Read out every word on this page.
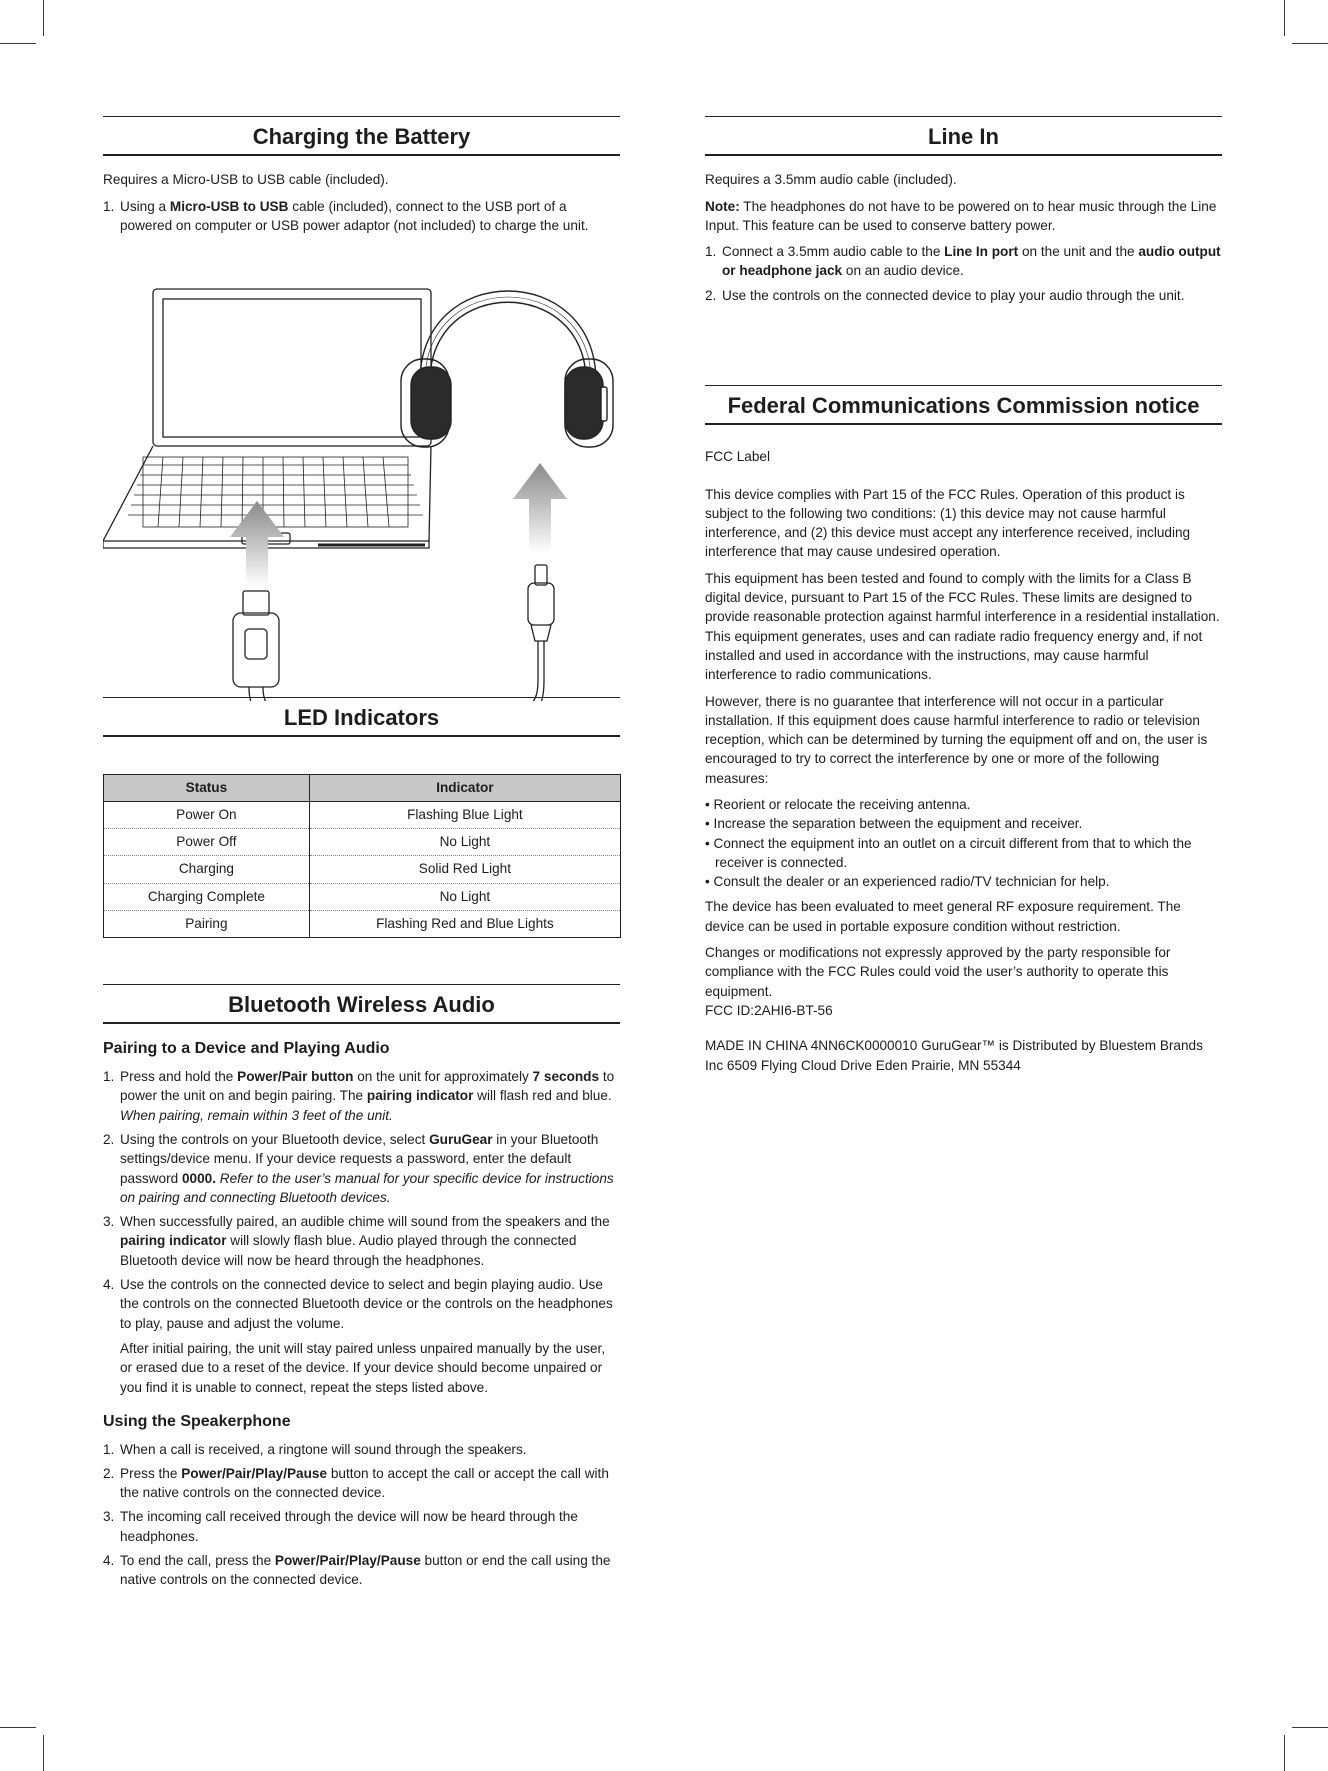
Charging the Battery

Requires a Micro-USB to USB cable (included).

1. Using a Micro-USB to USB cable (included), connect to the USB port of a powered on computer or USB power adaptor (not included) to charge the unit.
LED Indicators
Status	Indicator
Power On	Flashing Blue Light
Power Off	No Light
Charging	Solid Red Light
Charging Complete	No Light
Pairing	Flashing Red and Blue Lights
Bluetooth Wireless Audio
Pairing to a Device and Playing Audio
1. Press and hold the Power/Pair button on the unit for approximately 7 seconds to power the unit on and begin pairing. The pairing indicator will flash red and blue. When pairing, remain within 3 feet of the unit.
2. Using the controls on your Bluetooth device, select GuruGear in your Bluetooth settings/device menu. If your device requests a password, enter the default password 0000. Refer to the user’s manual for your specific device for instructions on pairing and connecting Bluetooth devices.
3. When successfully paired, an audible chime will sound from the speakers and the pairing indicator will slowly flash blue. Audio played through the connected Bluetooth device will now be heard through the headphones.
4. Use the controls on the connected device to select and begin playing audio. Use the controls on the connected Bluetooth device or the controls on the headphones to play, pause and adjust the volume.

After initial pairing, the unit will stay paired unless unpaired manually by the user, or erased due to a reset of the device. If your device should become unpaired or you find it is unable to connect, repeat the steps listed above.

Using the Speakerphone
1. When a call is received, a ringtone will sound through the speakers.
2. Press the Power/Pair/Play/Pause button to accept the call or accept the call with the native controls on the connected device.
3. The incoming call received through the device will now be heard through the headphones.
4. To end the call, press the Power/Pair/Play/Pause button or end the call using the native controls on the connected device.
Line In

Requires a 3.5mm audio cable (included).

Note: The headphones do not have to be powered on to hear music through the Line Input. This feature can be used to conserve battery power.

1. Connect a 3.5mm audio cable to the Line In port on the unit and the audio output or headphone jack on an audio device.
2. Use the controls on the connected device to play your audio through the unit.
Federal Communications Commission notice

FCC Label

This device complies with Part 15 of the FCC Rules. Operation of this product is subject to the following two conditions: (1) this device may not cause harmful interference, and (2) this device must accept any interference received, including interference that may cause undesired operation.

This equipment has been tested and found to comply with the limits for a Class B digital device, pursuant to Part 15 of the FCC Rules. These limits are designed to provide reasonable protection against harmful interference in a residential installation. This equipment generates, uses and can radiate radio frequency energy and, if not installed and used in accordance with the instructions, may cause harmful interference to radio communications.

However, there is no guarantee that interference will not occur in a particular installation. If this equipment does cause harmful interference to radio or television reception, which can be determined by turning the equipment off and on, the user is encouraged to try to correct the interference by one or more of the following measures:

• Reorient or relocate the receiving antenna.
• Increase the separation between the equipment and receiver.
• Connect the equipment into an outlet on a circuit different from that to which the receiver is connected.
• Consult the dealer or an experienced radio/TV technician for help.

The device has been evaluated to meet general RF exposure requirement. The device can be used in portable exposure condition without restriction.

Changes or modifications not expressly approved by the party responsible for compliance with the FCC Rules could void the user’s authority to operate this equipment.

FCC ID:2AHI6-BT-56

MADE IN CHINA 4NN6CK0000010 GuruGear™ is Distributed by Bluestem Brands Inc 6509 Flying Cloud Drive Eden Prairie, MN 55344
